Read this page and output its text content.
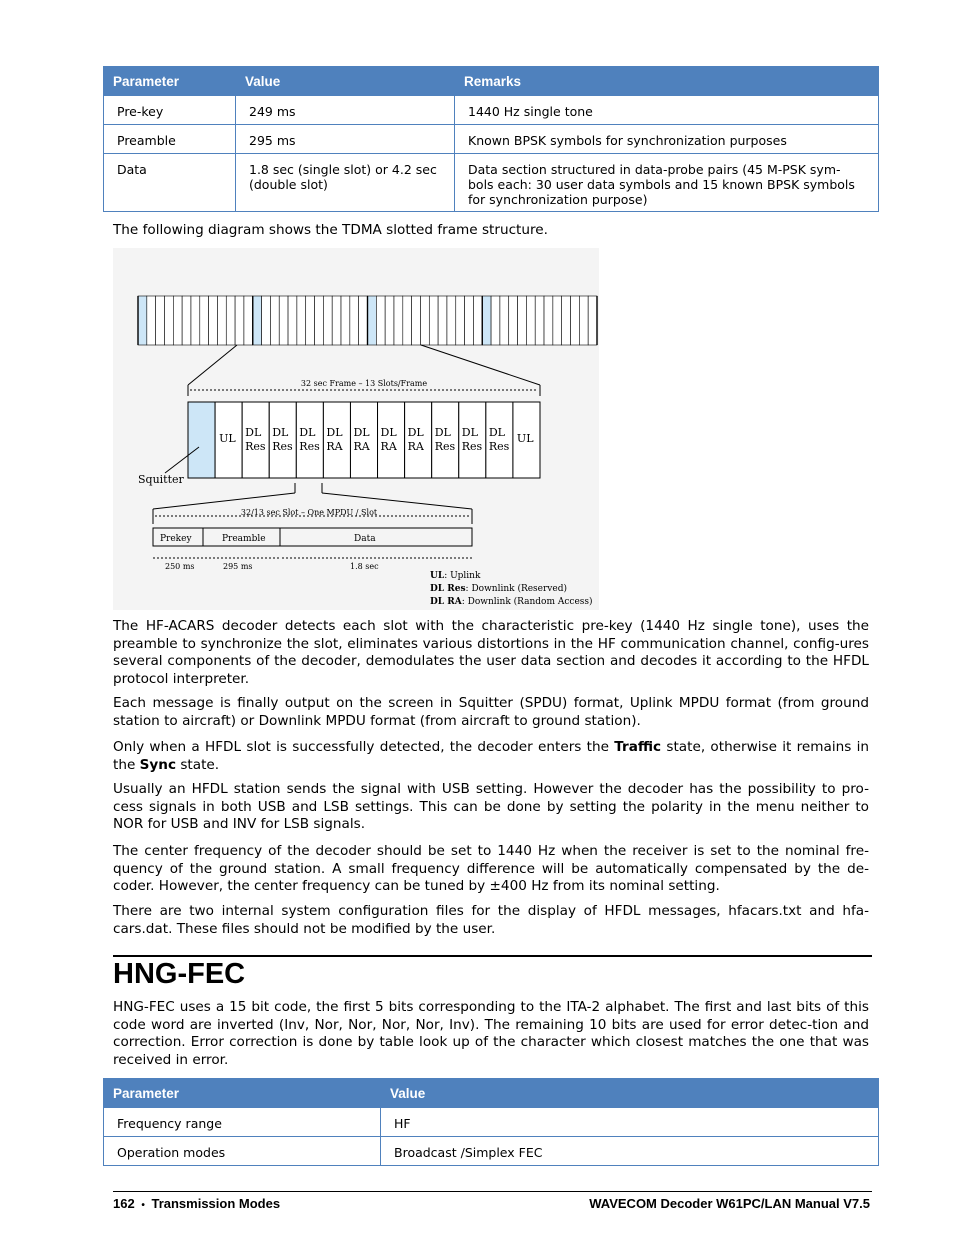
Parameter	Value	Remarks
Pre-key	249 ms	1440 Hz single tone
Preamble	295 ms	Known BPSK symbols for synchronization purposes
Data	1.8 sec (single slot) or 4.2 sec (double slot)	Data section structured in data-probe pairs (45 M-PSK sym-bols each: 30 user data symbols and 15 known BPSK symbols for synchronization purpose)

The following diagram shows the TDMA slotted frame structure.

32 sec Frame – 13 Slots/Frame
UL DL
Res
DL
Res
DL
Res
DL
RA
DL
RA
DL
RA
DL
RA
DL
Res
DL
Res
DL
Res
UL
Squitter
32/13 sec Slot – One MPDU / Slot
Prekey	Preamble	Data
250 ms	295 ms	1.8 sec
UL: Uplink
DL Res: Downlink (Reserved)
DL RA: Downlink (Random Access)

The HF-ACARS decoder detects each slot with the characteristic pre-key (1440 Hz single tone), uses the preamble to synchronize the slot, eliminates various distortions in the HF communication channel, config-ures several components of the decoder, demodulates the user data section and decodes it according to the HFDL protocol interpreter.

Each message is finally output on the screen in Squitter (SPDU) format, Uplink MPDU format (from ground station to aircraft) or Downlink MPDU format (from aircraft to ground station).

Only when a HFDL slot is successfully detected, the decoder enters the Traffic state, otherwise it remains in the Sync state.

Usually an HFDL station sends the signal with USB setting. However the decoder has the possibility to pro-cess signals in both USB and LSB settings. This can be done by setting the polarity in the menu neither to NOR for USB and INV for LSB signals.

The center frequency of the decoder should be set to 1440 Hz when the receiver is set to the nominal fre-quency of the ground station. A small frequency difference will be automatically compensated by the de-coder. However, the center frequency can be tuned by ±400 Hz from its nominal setting.

There are two internal system configuration files for the display of HFDL messages, hfacars.txt and hfa-cars.dat. These files should not be modified by the user.

HNG-FEC

HNG-FEC uses a 15 bit code, the first 5 bits corresponding to the ITA-2 alphabet. The first and last bits of this code word are inverted (Inv, Nor, Nor, Nor, Nor, Inv). The remaining 10 bits are used for error detec-tion and correction. Error correction is done by table look up of the character which closest matches the one that was received in error.

Parameter	Value
Frequency range	HF
Operation modes	Broadcast /Simplex FEC
162 • Transmission Modes	WAVECOM Decoder W61PC/LAN Manual V7.5
